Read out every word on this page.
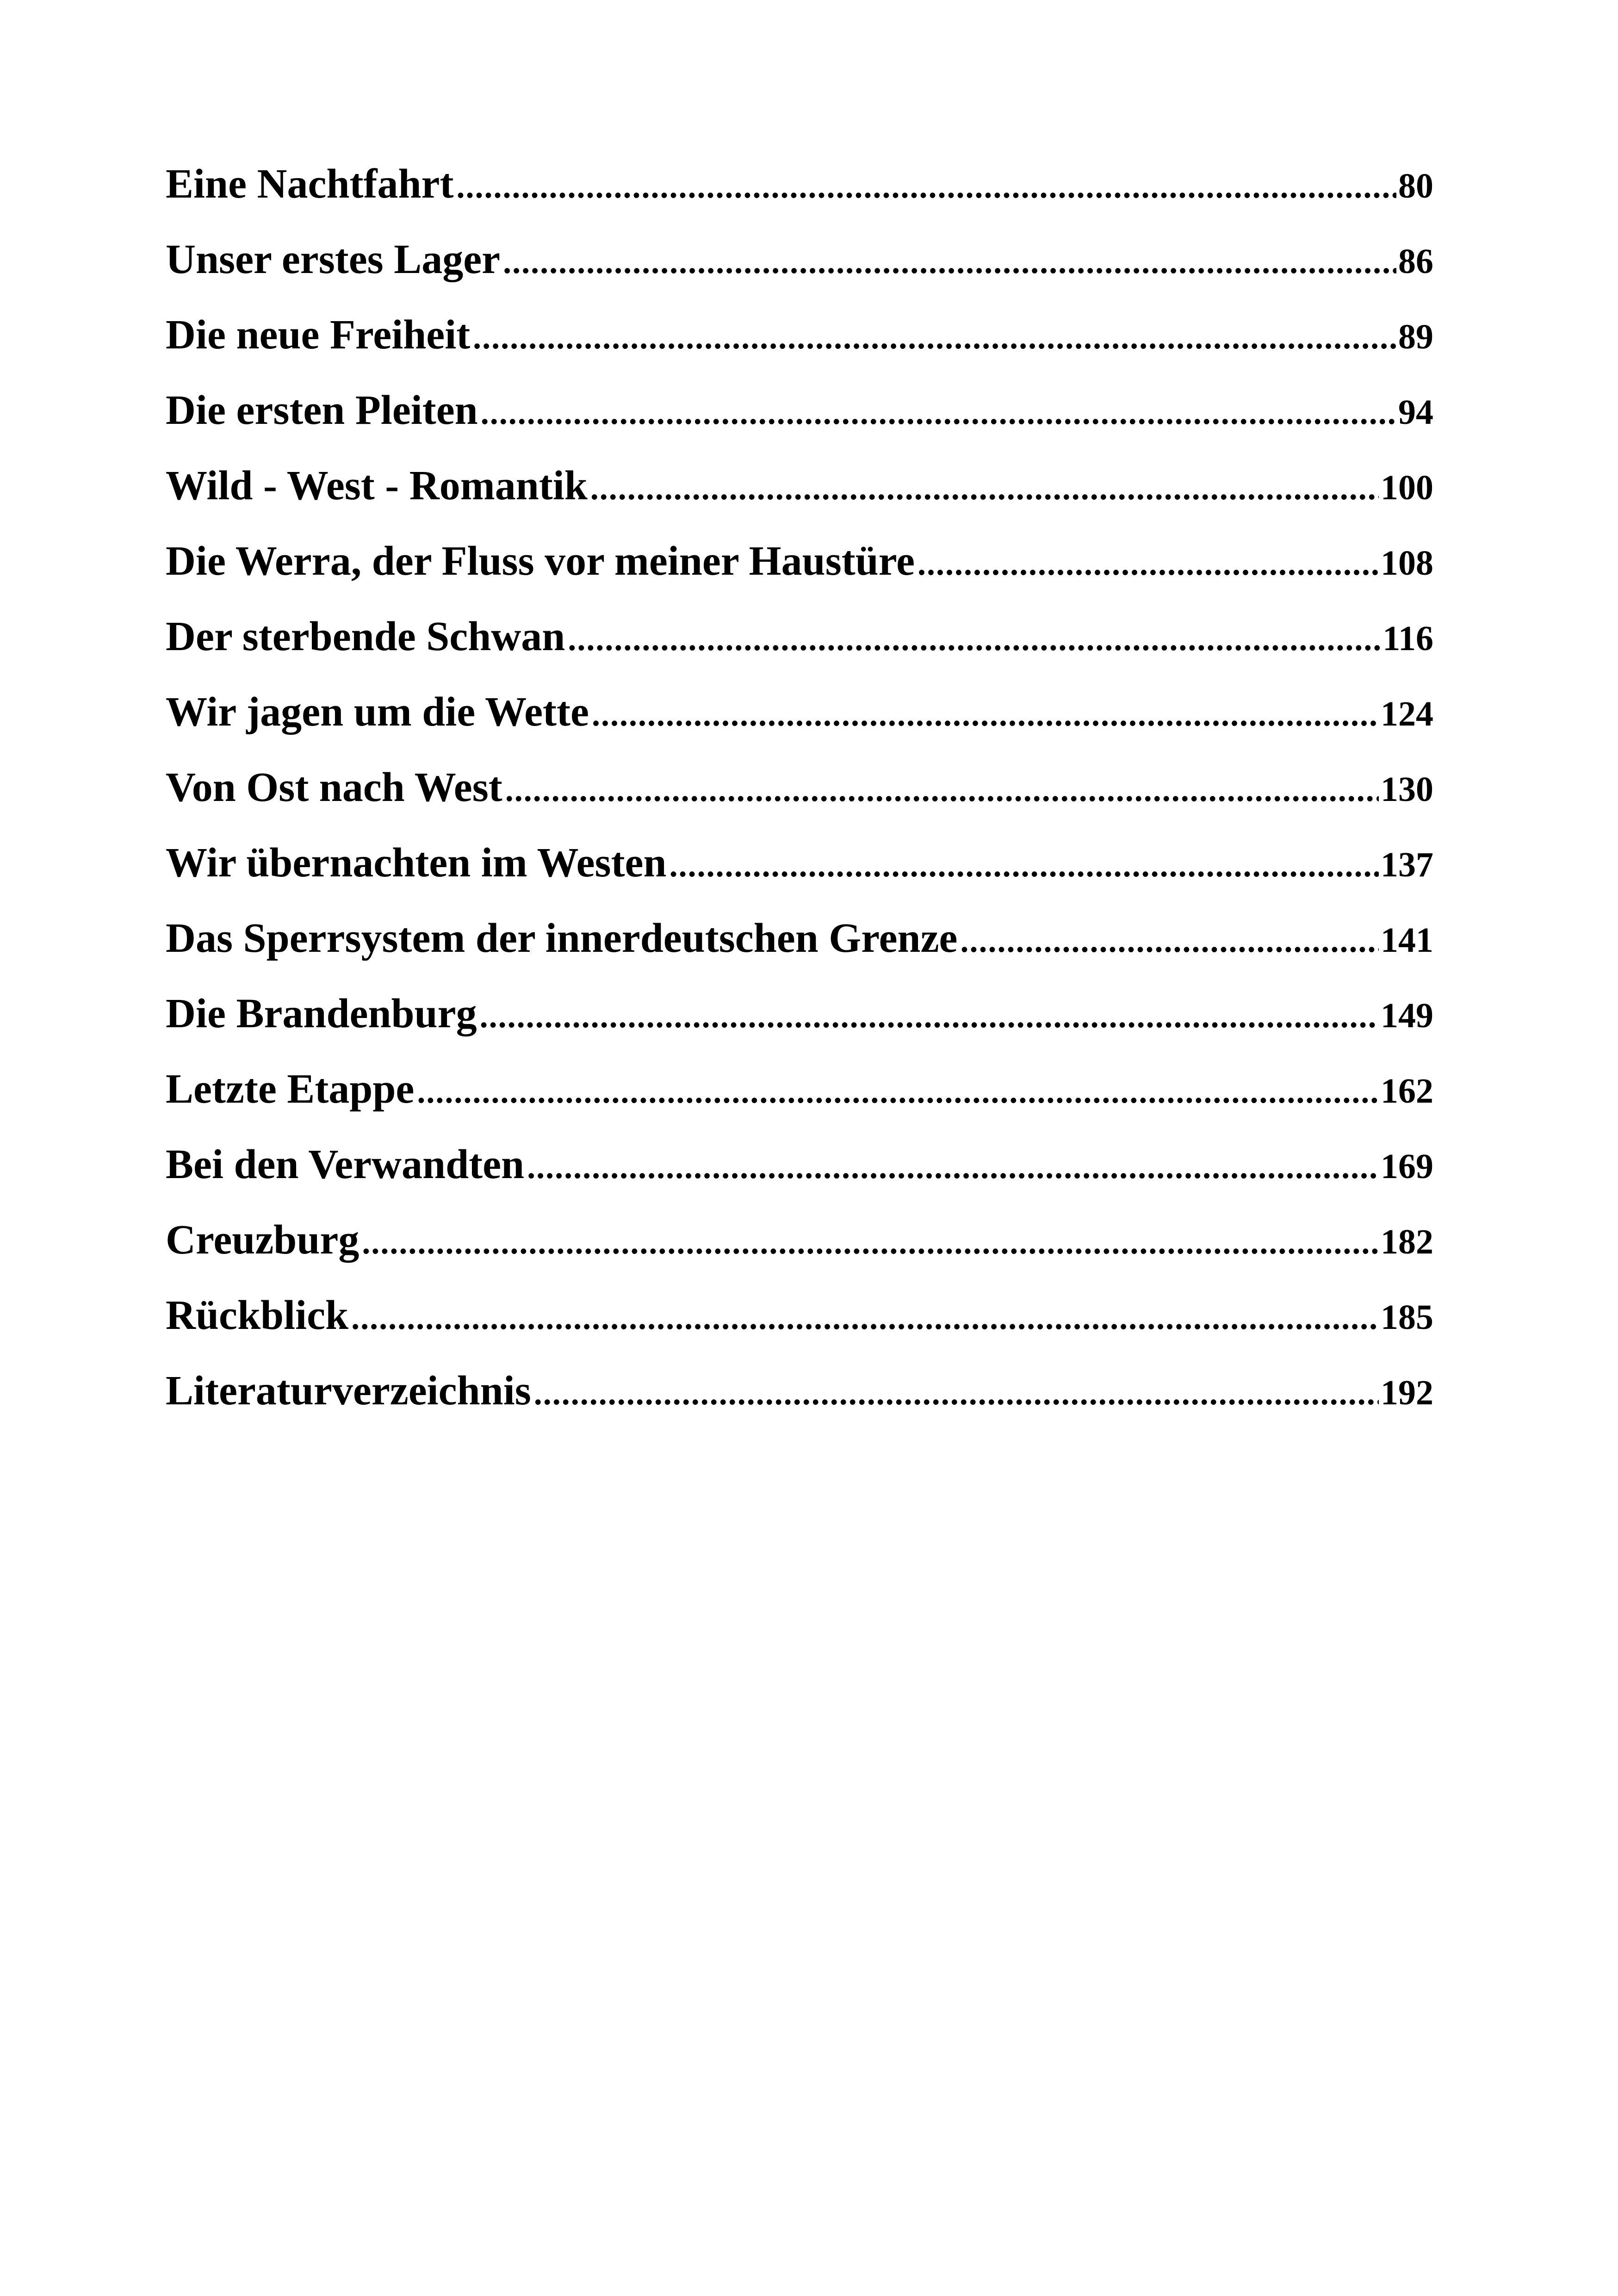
Eine Nachtfahrt .....	80
Unser erstes Lager .....	86
Die neue Freiheit .....	89
Die ersten Pleiten .....	94
Wild - West - Romantik .....	100
Die Werra, der Fluss vor meiner Haustüre .....	108
Der sterbende Schwan .....	116
Wir jagen um die Wette .....	124
Von Ost nach West .....	130
Wir übernachten im Westen .....	137
Das Sperrsystem der innerdeutschen Grenze .....	141
Die Brandenburg .....	149
Letzte Etappe .....	162
Bei den Verwandten .....	169
Creuzburg .....	182
Rückblick .....	185
Literaturverzeichnis .....	192
